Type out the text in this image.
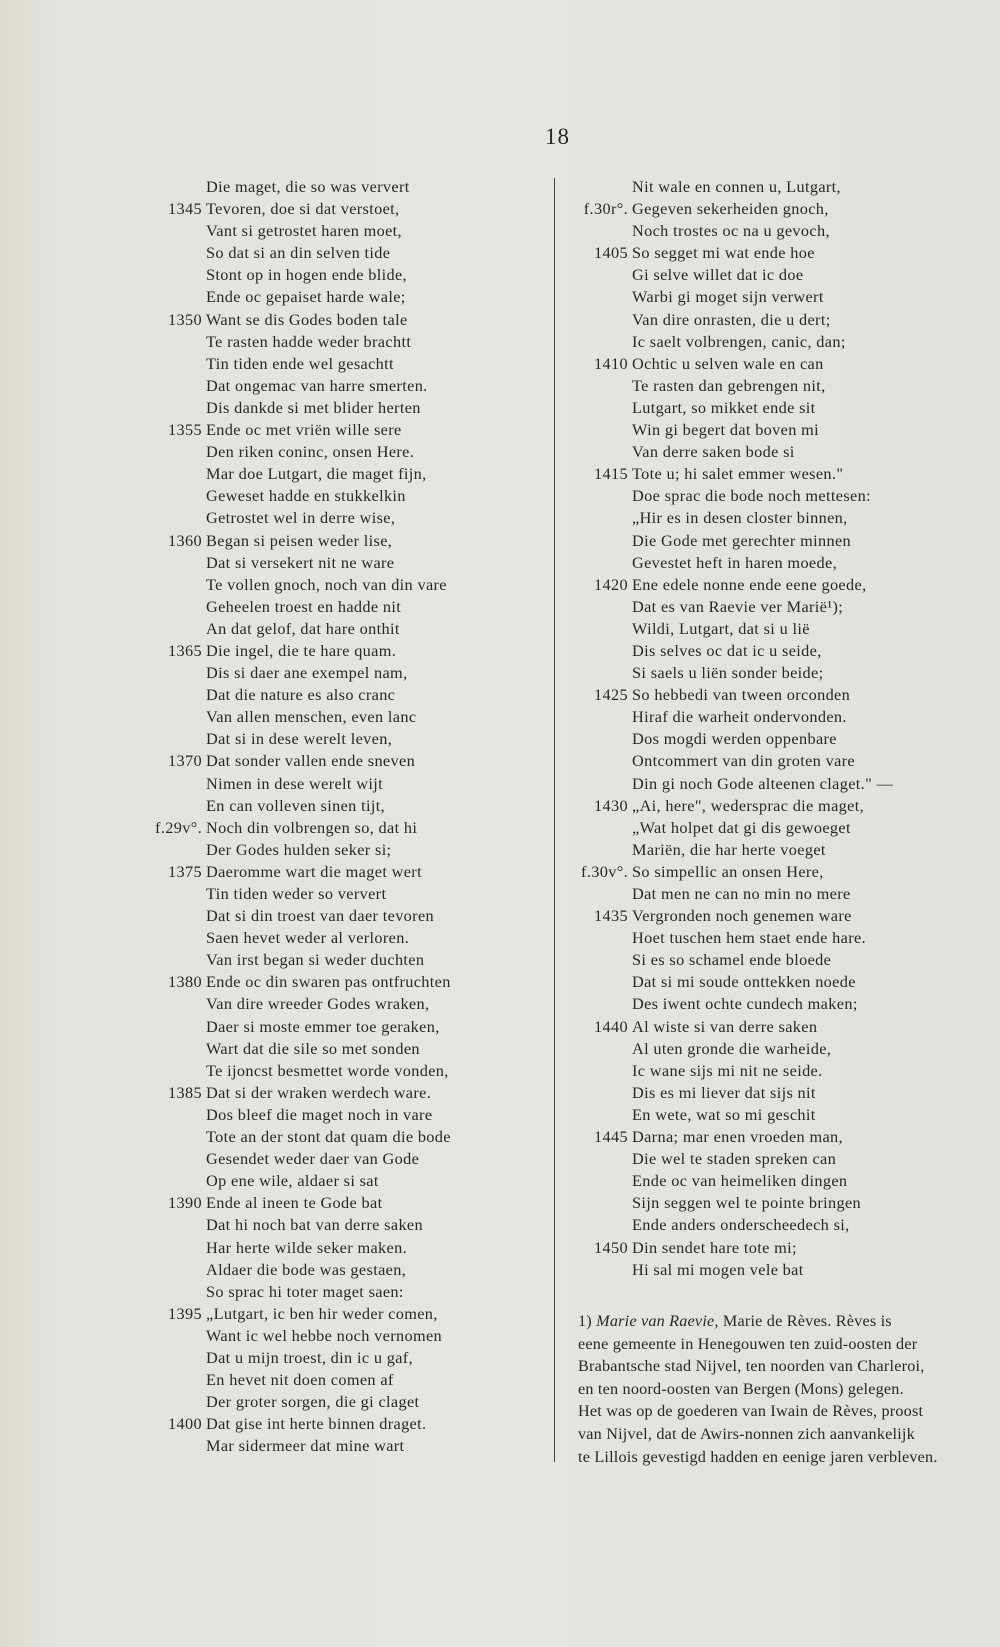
18
Die maget, die so was ververt
1345 Tevoren, doe si dat verstoet,
Vant si getrostet haren moet,
So dat si an din selven tide
Stont op in hogen ende blide,
Ende oc gepaiset harde wale;
1350 Want se dis Godes boden tale
Te rasten hadde weder brachtt
Tin tiden ende wel gesachtt
Dat ongemac van harre smerten.
Dis dankde si met blider herten
1355 Ende oc met vriën wille sere
Den riken coninc, onsen Here.
Mar doe Lutgart, die maget fijn,
Geweset hadde en stukkelkin
Getrostet wel in derre wise,
1360 Began si peisen weder lise,
Dat si versekert nit ne ware
Te vollen gnoch, noch van din vare
Geheelen troest en hadde nit
An dat gelof, dat hare onthit
1365 Die ingel, die te hare quam.
Dis si daer ane exempel nam,
Dat die nature es also cranc
Van allen menschen, even lanc
Dat si in dese werelt leven,
1370 Dat sonder vallen ende sneven
Nimen in dese werelt wijt
En can volleven sinen tijt,
f.29v°. Noch din volbrengen so, dat hi
Der Godes hulden seker si;
1375 Daeromme wart die maget wert
Tin tiden weder so ververt
Dat si din troest van daer tevoren
Saen hevet weder al verloren.
Van irst began si weder duchten
1380 Ende oc din swaren pas ontfruchten
Van dire wreeder Godes wraken,
Daer si moste emmer toe geraken,
Wart dat die sile so met sonden
Te ijoncst besmettet worde vonden,
1385 Dat si der wraken werdech ware.
Dos bleef die maget noch in vare
Tote an der stont dat quam die bode
Gesendet weder daer van Gode
Op ene wile, aldaer si sat
1390 Ende al ineen te Gode bat
Dat hi noch bat van derre saken
Har herte wilde seker maken.
Aldaer die bode was gestaen,
So sprac hi toter maget saen:
1395 „Lutgart, ic ben hir weder comen,
Want ic wel hebbe noch vernomen
Dat u mijn troest, din ic u gaf,
En hevet nit doen comen af
Der groter sorgen, die gi claget
1400 Dat gise int herte binnen draget.
Mar sidermeer dat mine wart
Nit wale en connen u, Lutgart,
f.30r°. Gegeven sekerheiden gnoch,
Noch trostes oc na u gevoch,
1405 So segget mi wat ende hoe
Gi selve willet dat ic doe
Warbi gi moget sijn verwert
Van dire onrasten, die u dert;
Ic saelt volbrengen, canic, dan;
1410 Ochtic u selven wale en can
Te rasten dan gebrengen nit,
Lutgart, so mikket ende sit
Win gi begert dat boven mi
Van derre saken bode si
1415 Tote u; hi salet emmer wesen."
Doe sprac die bode noch mettesen:
„Hir es in desen closter binnen,
Die Gode met gerechter minnen
Gevestet heft in haren moede,
1420 Ene edele nonne ende eene goede,
Dat es van Raevie ver Marië¹);
Wildi, Lutgart, dat si u lië
Dis selves oc dat ic u seide,
Si saels u liën sonder beide;
1425 So hebbedi van tween orconden
Hiraf die warheit ondervonden.
Dos mogdi werden oppenbare
Ontcommert van din groten vare
Din gi noch Gode alteenen claget." —
1430 „Ai, here", wedersprac die maget,
„Wat holpet dat gi dis gewoeget
Mariën, die har herte voeget
f.30v°. So simpellic an onsen Here,
Dat men ne can no min no mere
1435 Vergronden noch genemen ware
Hoet tuschen hem staet ende hare.
Si es so schamel ende bloede
Dat si mi soude onttekken noede
Des iwent ochte cundech maken;
1440 Al wiste si van derre saken
Al uten gronde die warheide,
Ic wane sijs mi nit ne seide.
Dis es mi liever dat sijs nit
En wete, wat so mi geschit
1445 Darna; mar enen vroeden man,
Die wel te staden spreken can
Ende oc van heimeliken dingen
Sijn seggen wel te pointe bringen
Ende anders onderscheedech si,
1450 Din sendet hare tote mi;
Hi sal mi mogen vele bat
1) Marie van Raevie, Marie de Rèves. Rèves is
eene gemeente in Henegouwen ten zuid-oosten der
Brabantsche stad Nijvel, ten noorden van Charleroi,
en ten noord-oosten van Bergen (Mons) gelegen.
Het was op de goederen van Iwain de Rèves, proost
van Nijvel, dat de Awirs-nonnen zich aanvankelijk
te Lillois gevestigd hadden en eenige jaren verbleven.
